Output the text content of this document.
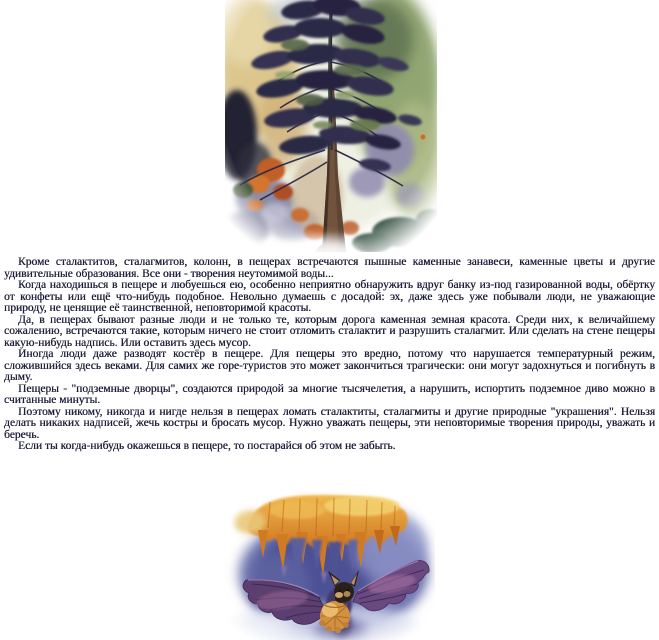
Кроме сталактитов, сталагмитов, колонн, в пещерах встречаются пышные каменные занавеси, каменные цветы и другие удивительные образования. Все они - творения неутомимой воды...

Когда находишься в пещере и любуешься ею, особенно неприятно обнаружить вдруг банку из-под газированной воды, обёртку от конфеты или ещё что-нибудь подобное. Невольно думаешь с досадой: эх, даже здесь уже побывали люди, не уважающие природу, не ценящие её таинственной, неповторимой красоты.

Да, в пещерах бывают разные люди и не только те, которым дорога каменная земная красота. Среди них, к величайшему сожалению, встречаются такие, которым ничего не стоит отломить сталактит и разрушить сталагмит. Или сделать на стене пещеры какую-нибудь надпись. Или оставить здесь мусор.

Иногда люди даже разводят костёр в пещере. Для пещеры это вредно, потому что нарушается температурный режим, сложившийся здесь веками. Для самих же горе-туристов это может закончиться трагически: они могут задохнуться и погибнуть в дыму.

Пещеры - "подземные дворцы", создаются природой за многие тысячелетия, а нарушить, испортить подземное диво можно в считанные минуты.

Поэтому никому, никогда и нигде нельзя в пещерах ломать сталактиты, сталагмиты и другие природные "украшения". Нельзя делать никаких надписей, жечь костры и бросать мусор. Нужно уважать пещеры, эти неповторимые творения природы, уважать и беречь.

Если ты когда-нибудь окажешься в пещере, то постарайся об этом не забыть.
